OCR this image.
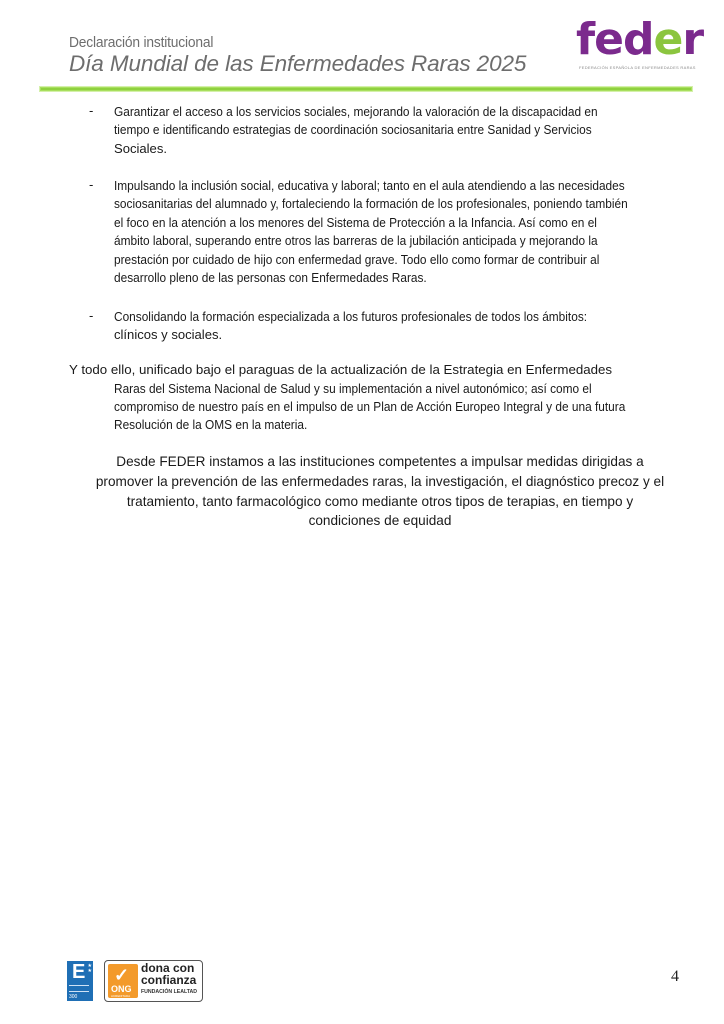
Declaración institucional
Día Mundial de las Enfermedades Raras 2025 feder
FEDERACIÓN ESPAÑOLA DE ENFERMEDADES RARAS
- Garantizar el acceso a los servicios sociales, mejorando la valoración de la discapacidad en
tiempo e identificando estrategias de coordinación sociosanitaria entre Sanidad y Servicios
Sociales.
- Impulsando la inclusión social, educativa y laboral; tanto en el aula atendiendo a las necesidades
sociosanitarias del alumnado y, fortaleciendo la formación de los profesionales, poniendo también
el foco en la atención a los menores del Sistema de Protección a la Infancia. Así como en el
ámbito laboral, superando entre otros las barreras de la jubilación anticipada y mejorando la
prestación por cuidado de hijo con enfermedad grave. Todo ello como formar de contribuir al
desarrollo pleno de las personas con Enfermedades Raras.
- Consolidando la formación especializada a los futuros profesionales de todos los ámbitos:
clínicos y sociales.
Y todo ello, unificado bajo el paraguas de la actualización de la Estrategia en Enfermedades
Raras del Sistema Nacional de Salud y su implementación a nivel autonómico; así como el
compromiso de nuestro país en el impulso de un Plan de Acción Europeo Integral y de una futura
Resolución de la OMS en la materia.
Desde FEDER instamos a las instituciones competentes a impulsar medidas dirigidas a
promover la prevención de las enfermedades raras, la investigación, el diagnóstico precoz y el
tratamiento, tanto farmacológico como mediante otros tipos de terapias, en tiempo y
condiciones de equidad
E ★
★
300
✓
ONG
ACREDITADA
dona con
confianza
FUNDACIÓN LEALTAD
4
